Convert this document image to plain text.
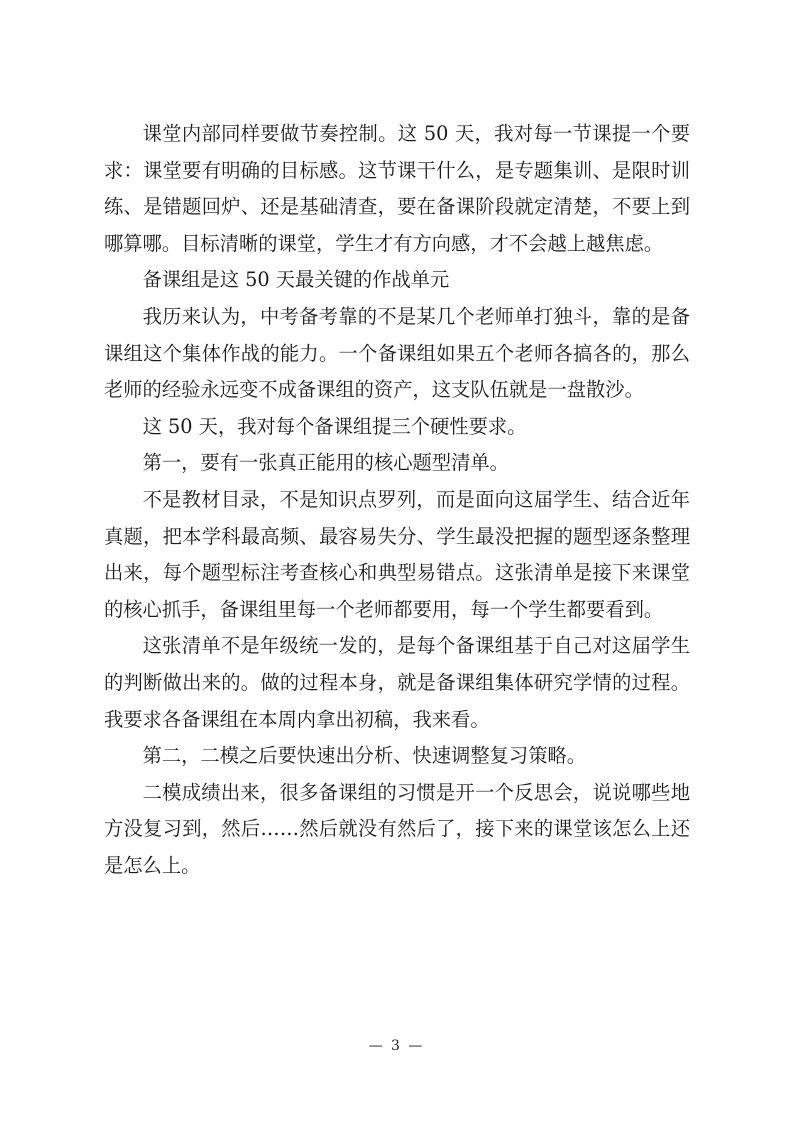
课堂内部同样要做节奏控制。这 50 天，我对每一节课提一个要求：课堂要有明确的目标感。这节课干什么，是专题集训、是限时训练、是错题回炉、还是基础清查，要在备课阶段就定清楚，不要上到哪算哪。目标清晰的课堂，学生才有方向感，才不会越上越焦虑。

备课组是这 50 天最关键的作战单元

我历来认为，中考备考靠的不是某几个老师单打独斗，靠的是备课组这个集体作战的能力。一个备课组如果五个老师各搞各的，那么老师的经验永远变不成备课组的资产，这支队伍就是一盘散沙。

这 50 天，我对每个备课组提三个硬性要求。

第一，要有一张真正能用的核心题型清单。

不是教材目录，不是知识点罗列，而是面向这届学生、结合近年真题，把本学科最高频、最容易失分、学生最没把握的题型逐条整理出来，每个题型标注考查核心和典型易错点。这张清单是接下来课堂的核心抓手，备课组里每一个老师都要用，每一个学生都要看到。

这张清单不是年级统一发的，是每个备课组基于自己对这届学生的判断做出来的。做的过程本身，就是备课组集体研究学情的过程。我要求各备课组在本周内拿出初稿，我来看。

第二，二模之后要快速出分析、快速调整复习策略。

二模成绩出来，很多备课组的习惯是开一个反思会，说说哪些地方没复习到，然后……然后就没有然后了，接下来的课堂该怎么上还是怎么上。

— 3 —
